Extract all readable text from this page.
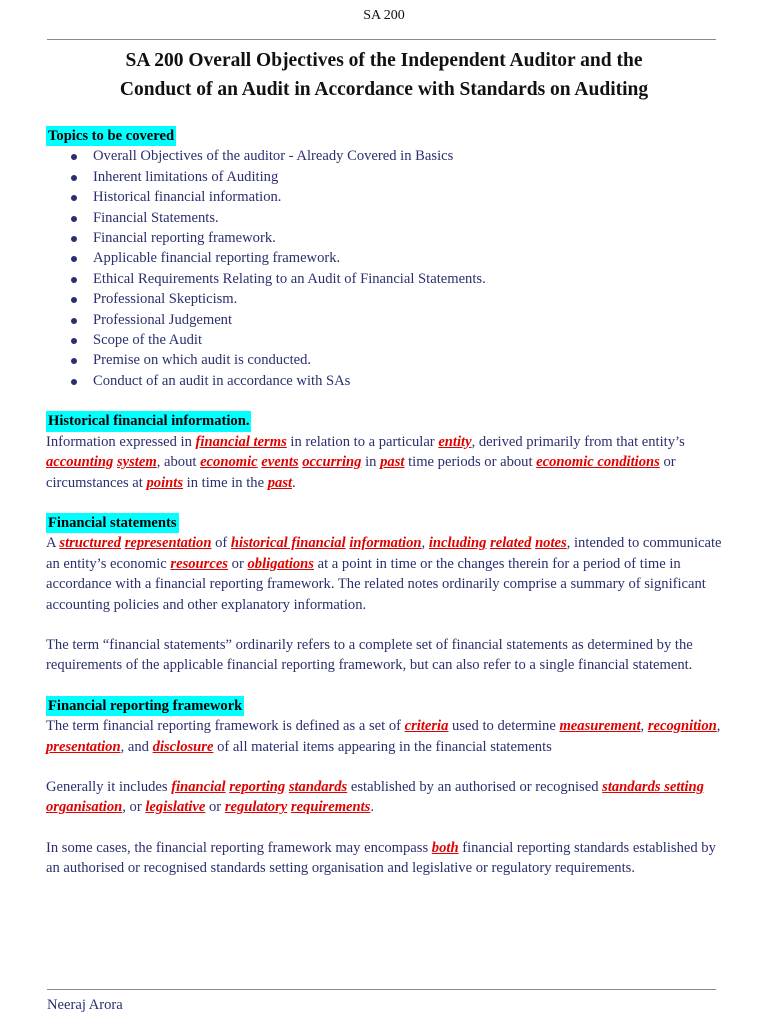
SA 200
SA 200 Overall Objectives of the Independent Auditor and the
Conduct of an Audit in Accordance with Standards on Auditing
Topics to be covered
Overall Objectives of the auditor - Already Covered in Basics
Inherent limitations of Auditing
Historical financial information.
Financial Statements.
Financial reporting framework.
Applicable financial reporting framework.
Ethical Requirements Relating to an Audit of Financial Statements.
Professional Skepticism.
Professional Judgement
Scope of the Audit
Premise on which audit is conducted.
Conduct of an audit in accordance with SAs
Historical financial information.

Information expressed in financial terms in relation to a particular entity, derived primarily from that entity’s accounting system, about economic events occurring in past time periods or about economic conditions or circumstances at points in time in the past.

Financial statements

A structured representation of historical financial information, including related notes, intended to communicate an entity’s economic resources or obligations at a point in time or the changes therein for a period of time in accordance with a financial reporting framework. The related notes ordinarily comprise a summary of significant accounting policies and other explanatory information.

The term “financial statements” ordinarily refers to a complete set of financial statements as determined by the requirements of the applicable financial reporting framework, but can also refer to a single financial statement.

Financial reporting framework

The term financial reporting framework is defined as a set of criteria used to determine measurement, recognition, presentation, and disclosure of all material items appearing in the financial statements

Generally it includes financial reporting standards established by an authorised or recognised standards setting organisation, or legislative or regulatory requirements.

In some cases, the financial reporting framework may encompass both financial reporting standards established by an authorised or recognised standards setting organisation and legislative or regulatory requirements.

Neeraj Arora
